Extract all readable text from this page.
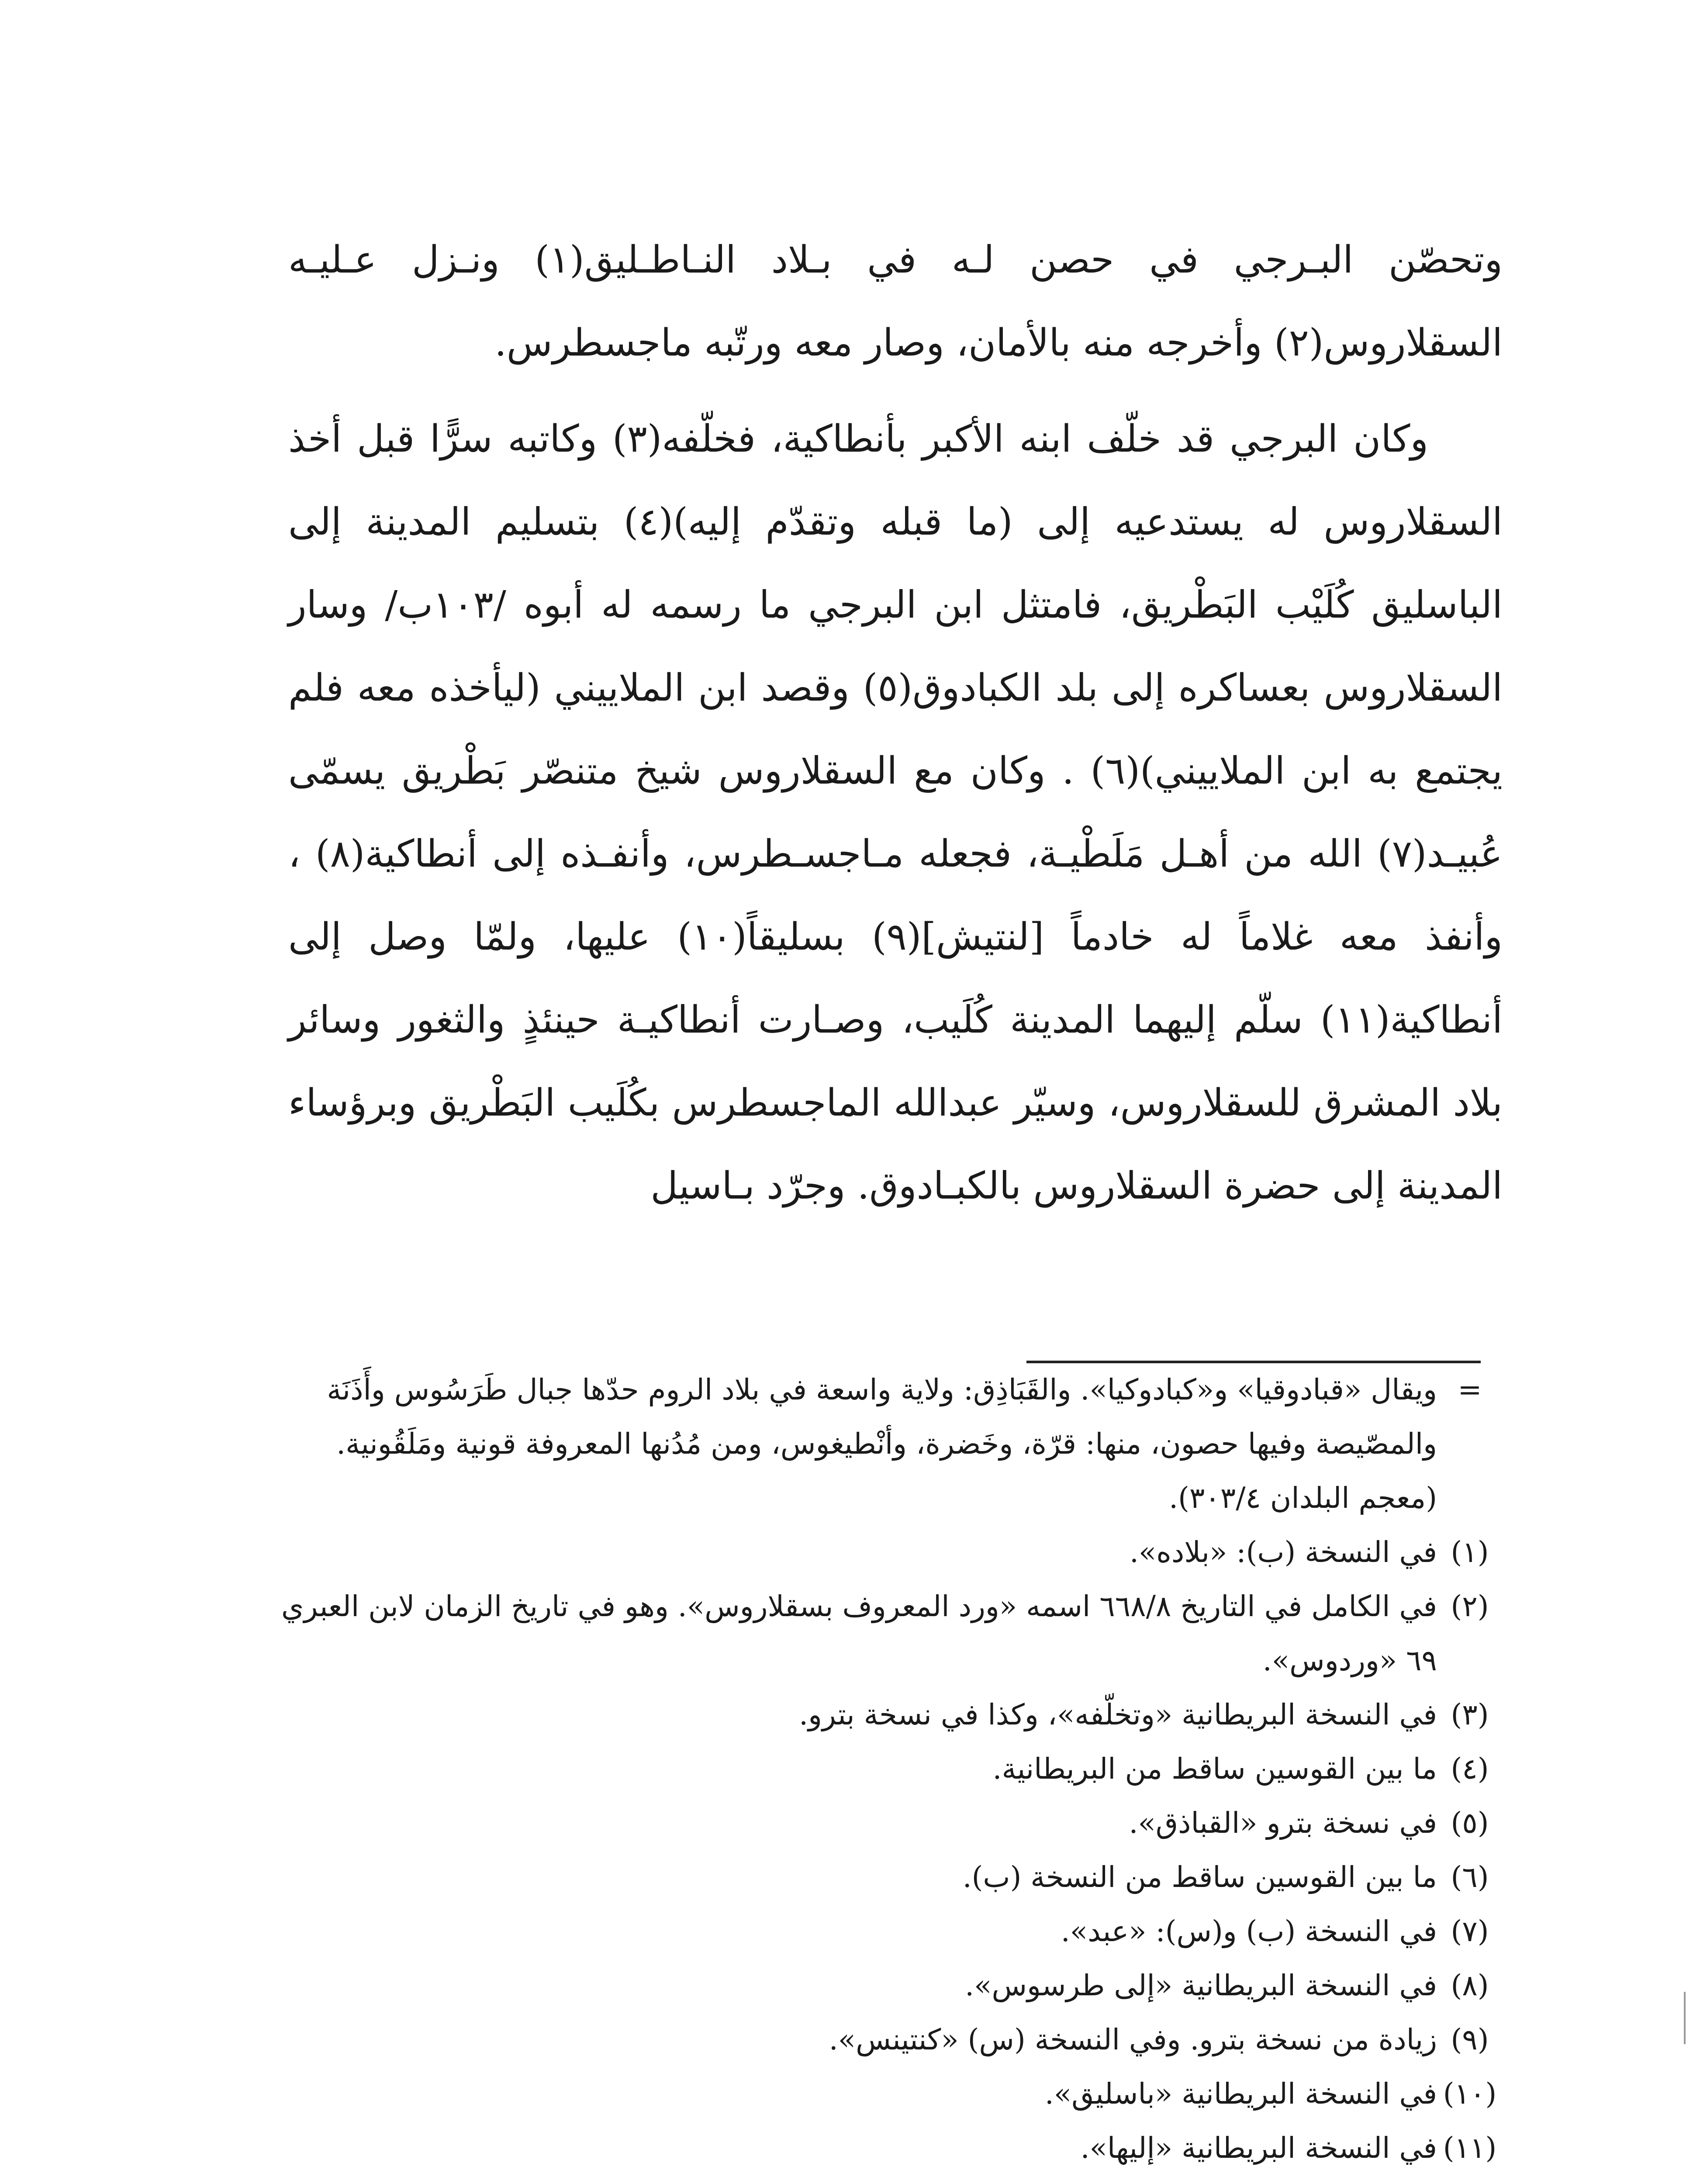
وتحصّن البـرجي في حصن لـه في بـلاد النـاطـليق(١) ونـزل عـليـه السقلاروس(٢) وأخرجه منه بالأمان، وصار معه ورتّبه ماجسطرس.

وكان البرجي قد خلّف ابنه الأكبر بأنطاكية، فخلّفه(٣) وكاتبه سرًّا قبل أخذ السقلاروس له يستدعيه إلى (ما قبله وتقدّم إليه)(٤) بتسليم المدينة إلى الباسليق كُلَيْب البَطْريق، فامتثل ابن البرجي ما رسمه له أبوه /١٠٣ب/ وسار السقلاروس بعساكره إلى بلد الكبادوق(٥) وقصد ابن الملاييني (ليأخذه معه فلم يجتمع به ابن الملاييني)(٦) . وكان مع السقلاروس شيخ متنصّر بَطْريق يسمّى عُبيـد(٧) الله من أهـل مَلَطْيـة، فجعله مـاجسـطرس، وأنفـذه إلى أنطاكية(٨) ، وأنفذ معه غلاماً له خادماً [لنتيش](٩) بسليقاً(١٠) عليها، ولمّا وصل إلى أنطاكية(١١) سلّم إليهما المدينة كُلَيب، وصـارت أنطاكيـة حينئذٍ والثغور وسائر بلاد المشرق للسقلاروس، وسيّر عبدالله الماجسطرس بكُلَيب البَطْريق وبرؤساء المدينة إلى حضرة السقلاروس بالكبـادوق. وجرّد بـاسيل

=
ويقال «قبادوقيا» و«كبادوكيا». والقَبَاذِق: ولاية واسعة في بلاد الروم حدّها جبال طَرَسُوس وأَذَنَة والمصّيصة وفيها حصون، منها: قرّة، وخَضرة، وأنْطيغوس، ومن مُدُنها المعروفة قونية ومَلَقُونية. (معجم البلدان ٣٠٣/٤).
(١)
في النسخة (ب): «بلاده».
(٢)
في الكامل في التاريخ ٦٦٨/٨ اسمه «ورد المعروف بسقلاروس». وهو في تاريخ الزمان لابن العبري ٦٩ «وردوس».
(٣)
في النسخة البريطانية «وتخلّفه»، وكذا في نسخة بترو.
(٤)
ما بين القوسين ساقط من البريطانية.
(٥)
في نسخة بترو «القباذق».
(٦)
ما بين القوسين ساقط من النسخة (ب).
(٧)
في النسخة (ب) و(س): «عبد».
(٨)
في النسخة البريطانية «إلى طرسوس».
(٩)
زيادة من نسخة بترو. وفي النسخة (س) «كنتينس».
(١٠)
في النسخة البريطانية «باسليق».
(١١)
في النسخة البريطانية «إليها».
